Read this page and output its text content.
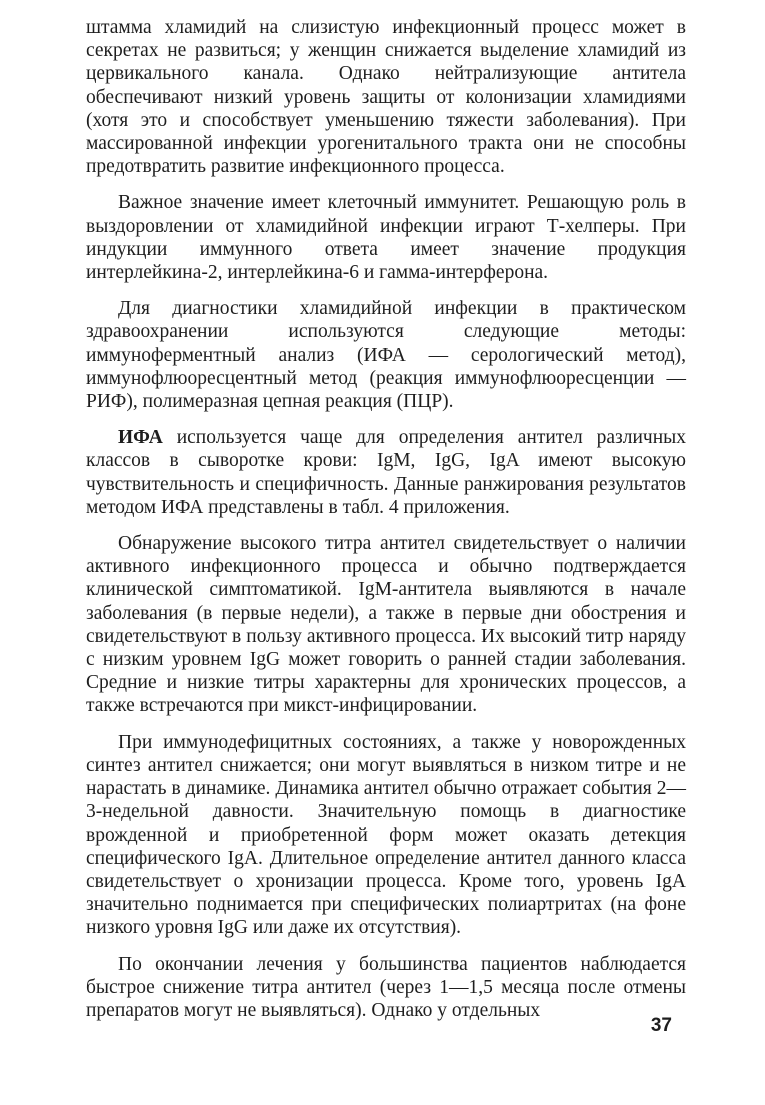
штамма хламидий на слизистую инфекционный процесс может в секретах не развиться; у женщин снижается выделение хламидий из цервикального канала. Однако нейтрализующие антитела обеспечивают низкий уровень защиты от колонизации хламидиями (хотя это и способствует уменьшению тяжести заболевания). При массированной инфекции урогенитального тракта они не способны предотвратить развитие инфекционного процесса.

Важное значение имеет клеточный иммунитет. Решающую роль в выздоровлении от хламидийной инфекции играют Т-хелперы. При индукции иммунного ответа имеет значение продукция интерлейкина-2, интерлейкина-6 и гамма-интерферона.

Для диагностики хламидийной инфекции в практическом здравоохранении используются следующие методы: иммуноферментный анализ (ИФА — серологический метод), иммунофлюоресцентный метод (реакция иммунофлюоресценции — РИФ), полимеразная цепная реакция (ПЦР).

ИФА используется чаще для определения антител различных классов в сыворотке крови: IgM, IgG, IgA имеют высокую чувствительность и специфичность. Данные ранжирования результатов методом ИФА представлены в табл. 4 приложения.

Обнаружение высокого титра антител свидетельствует о наличии активного инфекционного процесса и обычно подтверждается клинической симптоматикой. IgM-антитела выявляются в начале заболевания (в первые недели), а также в первые дни обострения и свидетельствуют в пользу активного процесса. Их высокий титр наряду с низким уровнем IgG может говорить о ранней стадии заболевания. Средние и низкие титры характерны для хронических процессов, а также встречаются при микст-инфицировании.

При иммунодефицитных состояниях, а также у новорожденных синтез антител снижается; они могут выявляться в низком титре и не нарастать в динамике. Динамика антител обычно отражает события 2—3-недельной давности. Значительную помощь в диагностике врожденной и приобретенной форм может оказать детекция специфического IgA. Длительное определение антител данного класса свидетельствует о хронизации процесса. Кроме того, уровень IgA значительно поднимается при специфических полиартритах (на фоне низкого уровня IgG или даже их отсутствия).

По окончании лечения у большинства пациентов наблюдается быстрое снижение титра антител (через 1—1,5 месяца после отмены препаратов могут не выявляться). Однако у отдельных

37
